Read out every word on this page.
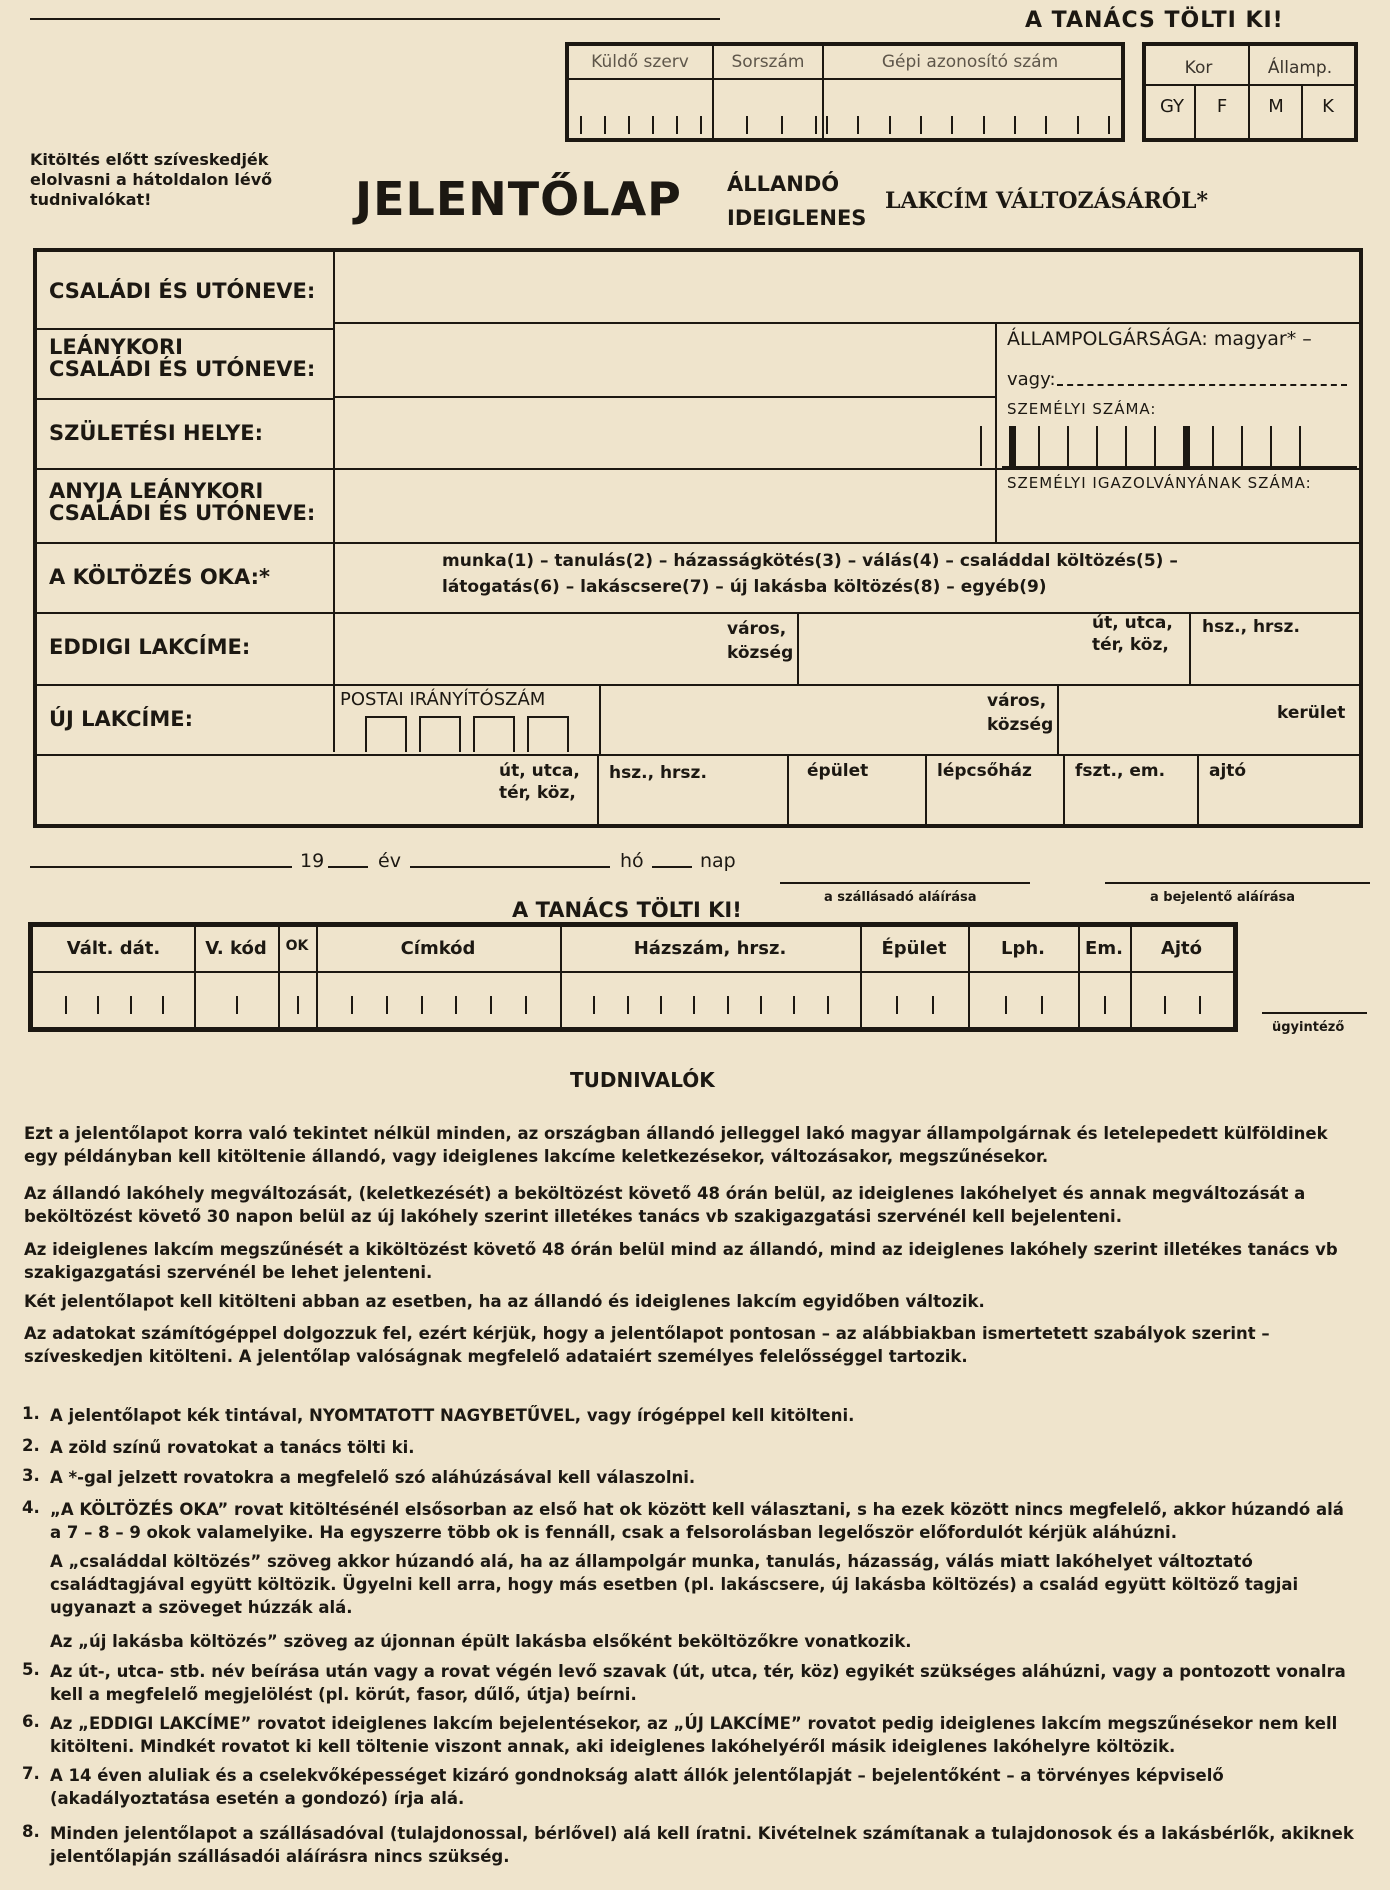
A TANÁCS TÖLTI KI!
Küldő szerv	Sorszám	Gépi azonosító szám	Kor	Államp.
GY	F	M	K
Kitöltés előtt szíveskedjék elolvasni a hátoldalon lévő tudnivalókat!	JELENTŐLAP ÁLLANDÓ
IDEIGLENES
LAKCÍM VÁLTOZÁSÁRÓL*
CSALÁDI ÉS UTÓNEVE:
LEÁNYKORI
CSALÁDI ÉS UTÓNEVE:
SZÜLETÉSI HELYE:
ANYJA LEÁNYKORI
CSALÁDI ÉS UTÓNEVE:
ÁLLAMPOLGÁRSÁGA: magyar* –
vagy:
SZEMÉLYI SZÁMA:
SZEMÉLYI IGAZOLVÁNYÁNAK SZÁMA:
A KÖLTÖZÉS OKA:*
munka(1) – tanulás(2) – házasságkötés(3) – válás(4) – családdal költözés(5) –
látogatás(6) – lakáscsere(7) – új lakásba költözés(8) – egyéb(9)
EDDIGI LAKCÍME:
város,
község
út, utca,
tér, köz,
hsz., hrsz.
ÚJ LAKCÍME:
POSTAI IRÁNYÍTÓSZÁM	város,
község
kerület
út, utca,
tér, köz,
hsz., hrsz.	épület	lépcsőház	fszt., em.	ajtó
19	év	hó	nap
a szállásadó aláírása	a bejelentő aláírása
A TANÁCS TÖLTI KI!
Vált. dát.	V. kód	OK	Címkód	Házszám, hrsz.	Épület	Lph.	Em.	Ajtó
ügyintéző
TUDNIVALÓK
Ezt a jelentőlapot korra való tekintet nélkül minden, az országban állandó jelleggel lakó magyar állampolgárnak és letelepedett külföldinek egy példányban kell kitöltenie állandó, vagy ideiglenes lakcíme keletkezésekor, változásakor, megszűnésekor.
Az állandó lakóhely megváltozását, (keletkezését) a beköltözést követő 48 órán belül, az ideiglenes lakóhelyet és annak megváltozását a beköltözést követő 30 napon belül az új lakóhely szerint illetékes tanács vb szakigazgatási szervénél kell bejelenteni.
Az ideiglenes lakcím megszűnését a kiköltözést követő 48 órán belül mind az állandó, mind az ideiglenes lakóhely szerint illetékes tanács vb szakigazgatási szervénél be lehet jelenteni.
Két jelentőlapot kell kitölteni abban az esetben, ha az állandó és ideiglenes lakcím egyidőben változik.
Az adatokat számítógéppel dolgozzuk fel, ezért kérjük, hogy a jelentőlapot pontosan – az alábbiakban ismertetett szabályok szerint – szíveskedjen kitölteni. A jelentőlap valóságnak megfelelő adataiért személyes felelősséggel tartozik.
1. A jelentőlapot kék tintával, NYOMTATOTT NAGYBETŰVEL, vagy írógéppel kell kitölteni.
2. A zöld színű rovatokat a tanács tölti ki.
3. A *-gal jelzett rovatokra a megfelelő szó aláhúzásával kell válaszolni.
4. „A KÖLTÖZÉS OKA” rovat kitöltésénél elsősorban az első hat ok között kell választani, s ha ezek között nincs megfelelő, akkor húzandó alá a 7 – 8 – 9 okok valamelyike. Ha egyszerre több ok is fennáll, csak a felsorolásban legelőször előfordulót kérjük aláhúzni.
A „családdal költözés” szöveg akkor húzandó alá, ha az állampolgár munka, tanulás, házasság, válás miatt lakóhelyet változtató családtagjával együtt költözik. Ügyelni kell arra, hogy más esetben (pl. lakáscsere, új lakásba költözés) a család együtt költöző tagjai ugyanazt a szöveget húzzák alá.
Az „új lakásba költözés” szöveg az újonnan épült lakásba elsőként beköltözőkre vonatkozik.
5. Az út-, utca- stb. név beírása után vagy a rovat végén levő szavak (út, utca, tér, köz) egyikét szükséges aláhúzni, vagy a pontozott vonalra kell a megfelelő megjelölést (pl. körút, fasor, dűlő, útja) beírni.
6. Az „EDDIGI LAKCÍME” rovatot ideiglenes lakcím bejelentésekor, az „ÚJ LAKCÍME” rovatot pedig ideiglenes lakcím megszűnésekor nem kell kitölteni. Mindkét rovatot ki kell töltenie viszont annak, aki ideiglenes lakóhelyéről másik ideiglenes lakóhelyre költözik.
7. A 14 éven aluliak és a cselekvőképességet kizáró gondnokság alatt állók jelentőlapját – bejelentőként – a törvényes képviselő (akadályoztatása esetén a gondozó) írja alá.
8. Minden jelentőlapot a szállásadóval (tulajdonossal, bérlővel) alá kell íratni. Kivételnek számítanak a tulajdonosok és a lakásbérlők, akiknek jelentőlapján szállásadói aláírásra nincs szükség.
